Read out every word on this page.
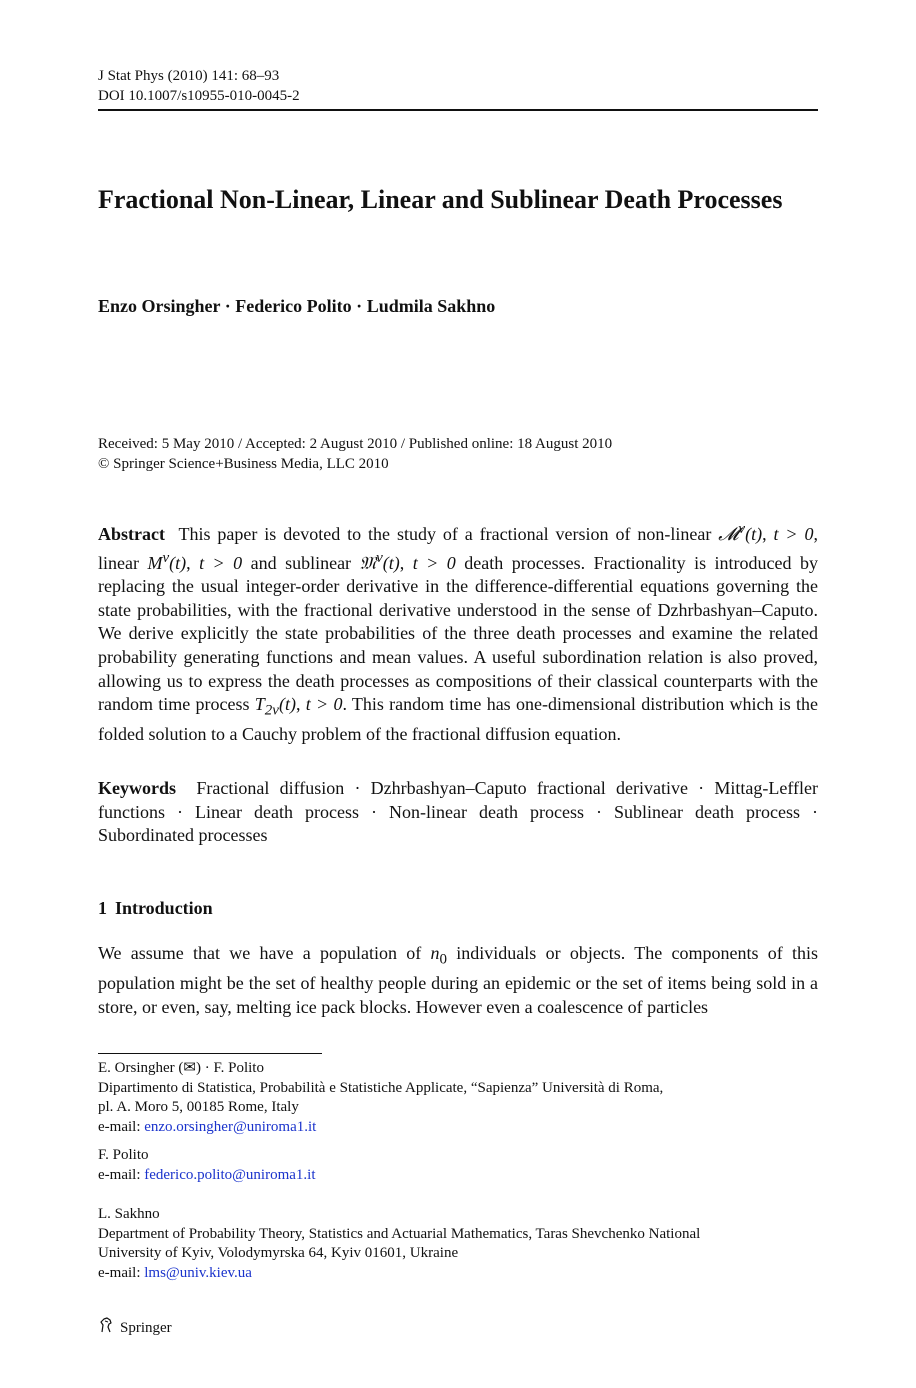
J Stat Phys (2010) 141: 68–93
DOI 10.1007/s10955-010-0045-2
Fractional Non-Linear, Linear and Sublinear Death Processes
Enzo Orsingher · Federico Polito · Ludmila Sakhno
Received: 5 May 2010 / Accepted: 2 August 2010 / Published online: 18 August 2010
© Springer Science+Business Media, LLC 2010

Abstract This paper is devoted to the study of a fractional version of non-linear 𝓜$^\nu$(t), t > 0, linear $M^\nu(t)$, t > 0 and sublinear 𝔐$^\nu$(t), t > 0 death processes. Fractionality is introduced by replacing the usual integer-order derivative in the difference-differential equations governing the state probabilities, with the fractional derivative understood in the sense of Dzhrbashyan–Caputo. We derive explicitly the state probabilities of the three death processes and examine the related probability generating functions and mean values. A useful subordination relation is also proved, allowing us to express the death processes as compositions of their classical counterparts with the random time process $T_{2\nu}(t)$, t > 0. This random time has one-dimensional distribution which is the folded solution to a Cauchy problem of the fractional diffusion equation.

Keywords Fractional diffusion · Dzhrbashyan–Caputo fractional derivative · Mittag-Leffler functions · Linear death process · Non-linear death process · Sublinear death process · Subordinated processes

1 Introduction

We assume that we have a population of $n_0$ individuals or objects. The components of this population might be the set of healthy people during an epidemic or the set of items being sold in a store, or even, say, melting ice pack blocks. However even a coalescence of particles

E. Orsingher (✉) · F. Polito
Dipartimento di Statistica, Probabilità e Statistiche Applicate, “Sapienza” Università di Roma,
pl. A. Moro 5, 00185 Rome, Italy
e-mail: enzo.orsingher@uniroma1.it
F. Polito
e-mail: federico.polito@uniroma1.it
L. Sakhno
Department of Probability Theory, Statistics and Actuarial Mathematics, Taras Shevchenko National
University of Kyiv, Volodymyrska 64, Kyiv 01601, Ukraine
e-mail: lms@univ.kiev.ua
Springer
